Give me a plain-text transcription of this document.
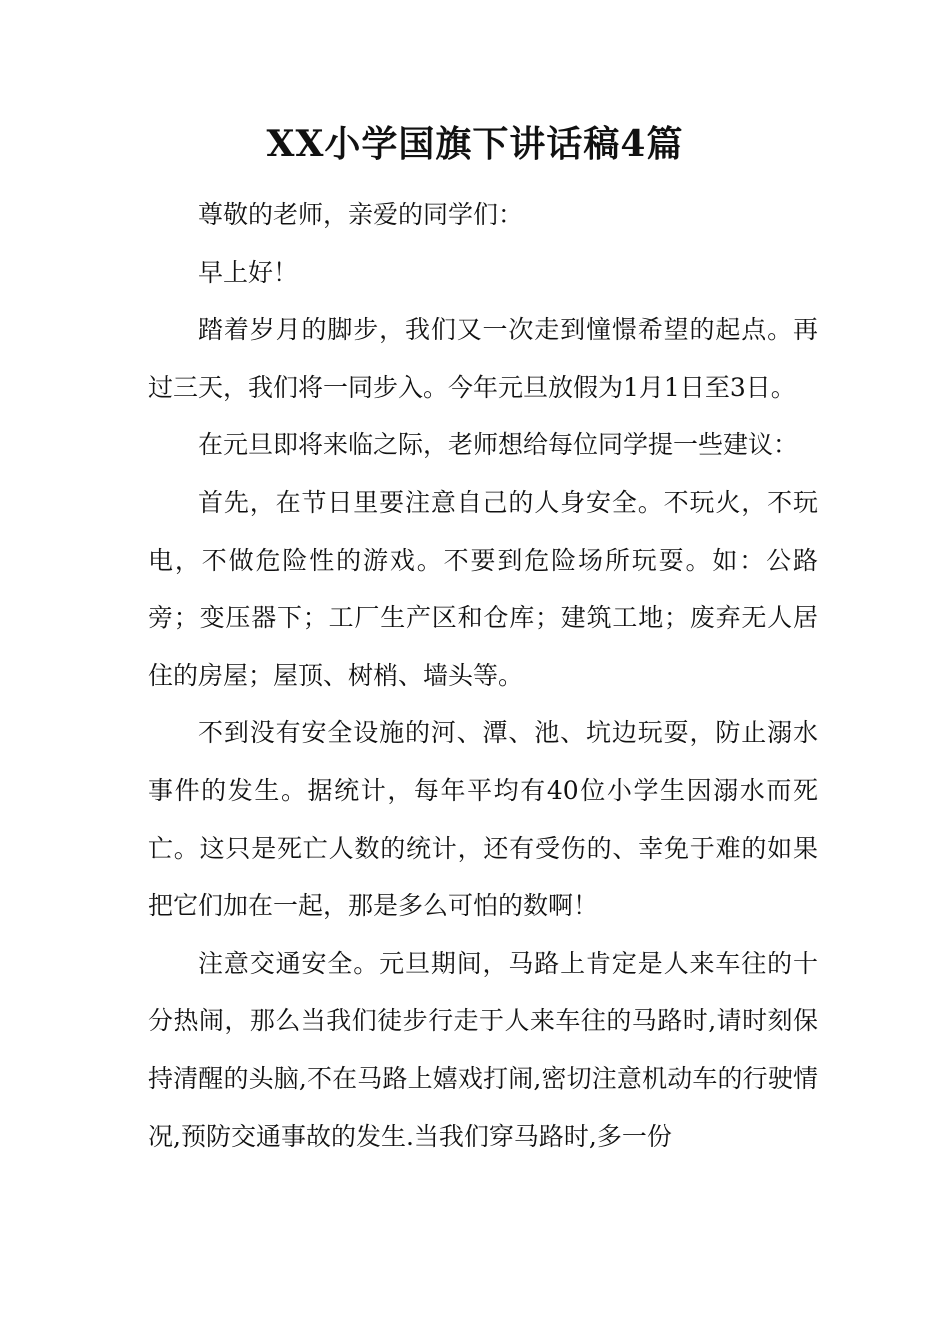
XX小学国旗下讲话稿4篇

尊敬的老师，亲爱的同学们：

早上好！

踏着岁月的脚步，我们又一次走到憧憬希望的起点。再过三天，我们将一同步入。今年元旦放假为1月1日至3日。

在元旦即将来临之际，老师想给每位同学提一些建议：

首先，在节日里要注意自己的人身安全。不玩火，不玩电，不做危险性的游戏。不要到危险场所玩耍。如：公路旁；变压器下；工厂生产区和仓库；建筑工地；废弃无人居住的房屋；屋顶、树梢、墙头等。

不到没有安全设施的河、潭、池、坑边玩耍，防止溺水事件的发生。据统计，每年平均有40位小学生因溺水而死亡。这只是死亡人数的统计，还有受伤的、幸免于难的如果把它们加在一起，那是多么可怕的数啊！

注意交通安全。元旦期间，马路上肯定是人来车往的十分热闹，那么当我们徒步行走于人来车往的马路时,请时刻保持清醒的头脑,不在马路上嬉戏打闹,密切注意机动车的行驶情况,预防交通事故的发生.当我们穿马路时,多一份
